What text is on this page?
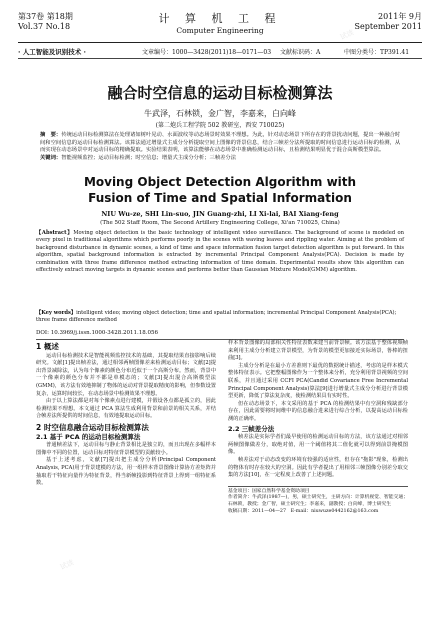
试读
试读
第37卷 第18期
Vol.37 No.18
计 算 机 工 程
Computer Engineering
2011年 9月
September 2011
· 人工智能及识别技术 ·	文章编号：1000—3428(2011)18—0171—03 文献标识码：A	中图分类号：TP391.41
融合时空信息的运动目标检测算法
牛武泽，石林锁，金广智，李嘉来，白向峰
(第二炮兵工程学院 502 教研室，西安 710025)
摘　要：传统运动目标检测算法在处理诸如树叶晃动、水面波纹等动态场景时效果不理想。为此，针对动态场景下所存在的背景扰动问题，提出一种融合时间和空间信息的运动目标检测算法。该算法通过增量式主成分分析提取空间上图像的背景信息，结合三帧差分法所提取的时间信息进行运动目标的检测，从而实现在动态场景中对运动目标的精确提取。实验结果表明，该算法能够在动态场景中准确检测运动目标，且检测结果明显优于混合高斯模型算法。
关键词：智能视频监控；运动目标检测；时空信息；增量式主成分分析；三帧差分法
Moving Object Detection Algorithm with
Fusion of Time and Spatial Information
NIU Wu-ze, SHI Lin-suo, JIN Guang-zhi, LI Xi-lai, BAI Xiang-feng
(The 502 Staff Room, The Second Artillery Engineering College, Xi'an 710025, China)
【Abstract】Moving object detection is the basic technology of intelligent video surveillance. The background of scene is modeled on every pixel in traditional algorithms which performs poorly in the scenes with waving leaves and rippling water. Aiming at the problem of background disturbance in dynamic scenes, a kind of time and space information fusion target detection algorithm is put forward. In this algorithm, spatial background information is extracted by incremental Principal Component Analysis(PCA). Decision is made by combination with three frame difference method extracting information of time domain. Experimental results show this algorithm can effectively extract moving targets in dynamic scenes and performs better than Gaussian Mixture Model(GMM) algorithm.
【Key words】intelligent video; moving object detection; time and spatial information; incremental Principal Component Analysis(PCA); three frame difference method
DOI: 10.3969/j.issn.1000-3428.2011.18.056
1 概述

运动目标检测技术是智能视频监控技术的基础，其提取结果直接影响后续研究。文献[1]提出帧差法，通过相邻两帧图像差来检测运动目标；文献[2]提出背景减除法，认为每个像素的颜色分布近似于一个高斯分布。然而，背景中一个像素的颜色分布并不都是单模态的；文献[3]提出混合高斯模型法(GMM)，该方法有效地抑制了物体的运动对背景提取精度的影响，但参数设置复杂，运算时间较长，在动态场景中检测效果不理想。

由于以上算法都是对每个像素点进行建模，并假设各点都是孤立的，因此检测结果不理想。本文通过 PCA 算法生成利用背景和前景的相关关系，并结合帧差法所提供的时间信息，有效地提取运动目标。

2 时空信息融合运动目标检测算法
2.1 基于 PCA 的运动目标检测算法

普通帧差法下，运动目标与静止背景相比是独立的，而且出现在多幅样本图像中不同的位置，运动目标对特征背景模型的贡献较小。

基于上述考虑，文献[7]提出把主成分分析(Principal Component Analysis, PCA)用于背景建模的方法，用一组样本背景图像计算协方差矩阵并抽取若干特征向量作为特征背景，得当新帧投影到特征背景上得到一组特征系数。

样本背景图像的局部相关性特征表数来建当前背景帧。该方法基于整体视频帧来利用主成分分析建立背景模型，为背景的模型更加接近实际场景，鲁棒的扭曲[3]。

主成分分析是在最小方差准则下最优的数据统计描述，考虑的是样本模式整体特征表示。它把整幅图像作为一个整体来分析，充分利用背景视频的空间联系，并且通过采用 CCFI PCA(Candid Covariance Free Incremental Principal Component Analysis)算法[9]进行增量式主成分分析进行背景模型更新，降低了算法复杂度，使检测结果具有实时性。

但在动态场景下，本文采用的基于 PCA 的检测结果中有空洞和残缺部分存在，因此需要将时间维中的信息融合进来进行综合分析，以提高运动目标检测的正确率。

2.2 三帧差分法

帧差法是实际学者们最早使用的检测运动目标的方法，该方法通过对相邻两帧图像做差分，取绝对值，用一个阈值将其二值化就可以得到前景掩模图像。

帧差法对于动态改变的环境有较强的适应性，但存在"拖影"现象，检测出的物体有时存在较大的空洞。因此有学者提出了用相邻三帧图像分别差分取交集的方法[10]，在一定程度上改善了上述问题。

基金项目：国家自然科学基金资助项目
作者简介：牛武泽(1987—)，男，硕士研究生，主研方向：计算机视觉、智能交通；石林锁，教授；金广智，硕士研究生；李嘉来，副教授；白向峰，博士研究生
收稿日期：2011—04—27 E-mail：niuwuze0442162@163.com
